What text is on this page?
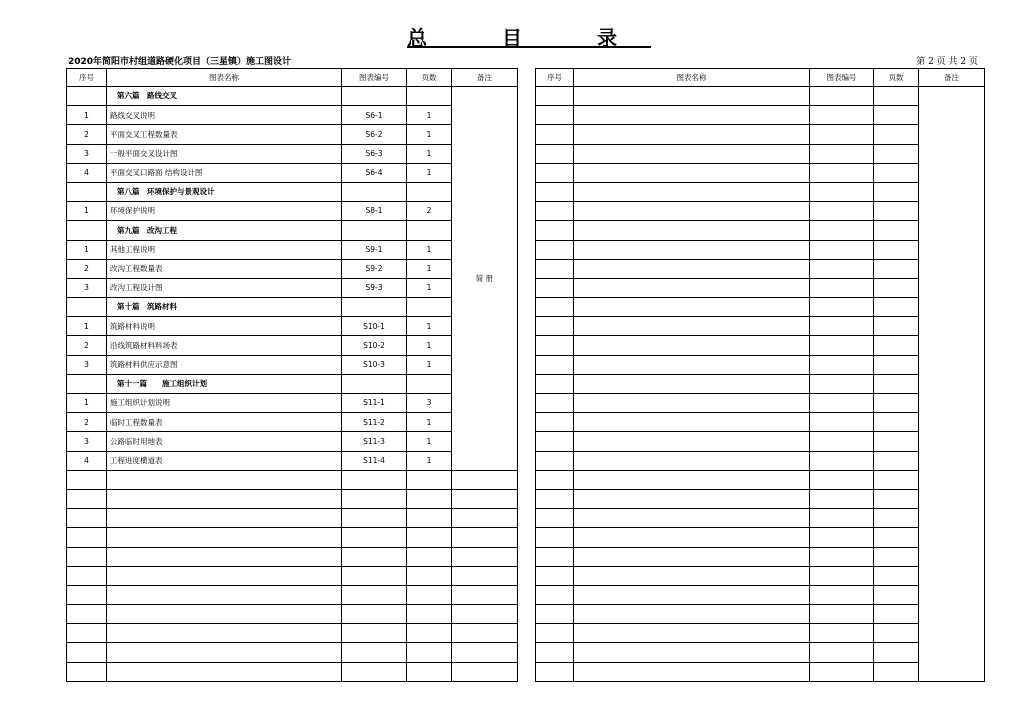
总 目 录
2020年简阳市村组道路硬化项目（三星镇）施工图设计	第 2 页 共 2 页
序号	图表名称	图表编号	页数	备注
	第六篇　路线交叉			简 册
1	路线交叉说明	S6-1	1	
2	平面交叉工程数量表	S6-2	1	
3	一般平面交叉设计图	S6-3	1	
4	平面交叉口路面 结构设计图	S6-4	1	
	第八篇　环境保护与景观设计			
1	环境保护说明	S8-1	2	
	第九篇　改沟工程			
1	其他工程说明	S9-1	1	
2	改沟工程数量表	S9-2	1	
3	改沟工程设计图	S9-3	1	
	第十篇　筑路材料			
1	筑路材料说明	S10-1	1	
2	沿线筑路材料料场表	S10-2	1	
3	筑路材料供应示意图	S10-3	1	
	第十一篇　　施工组织计划			
1	施工组织计划说明	S11-1	3	
2	临时工程数量表	S11-2	1	
3	公路临时用地表	S11-3	1	
4	工程进度横道表	S11-4	1	

序号	图表名称	图表编号	页数	备注
